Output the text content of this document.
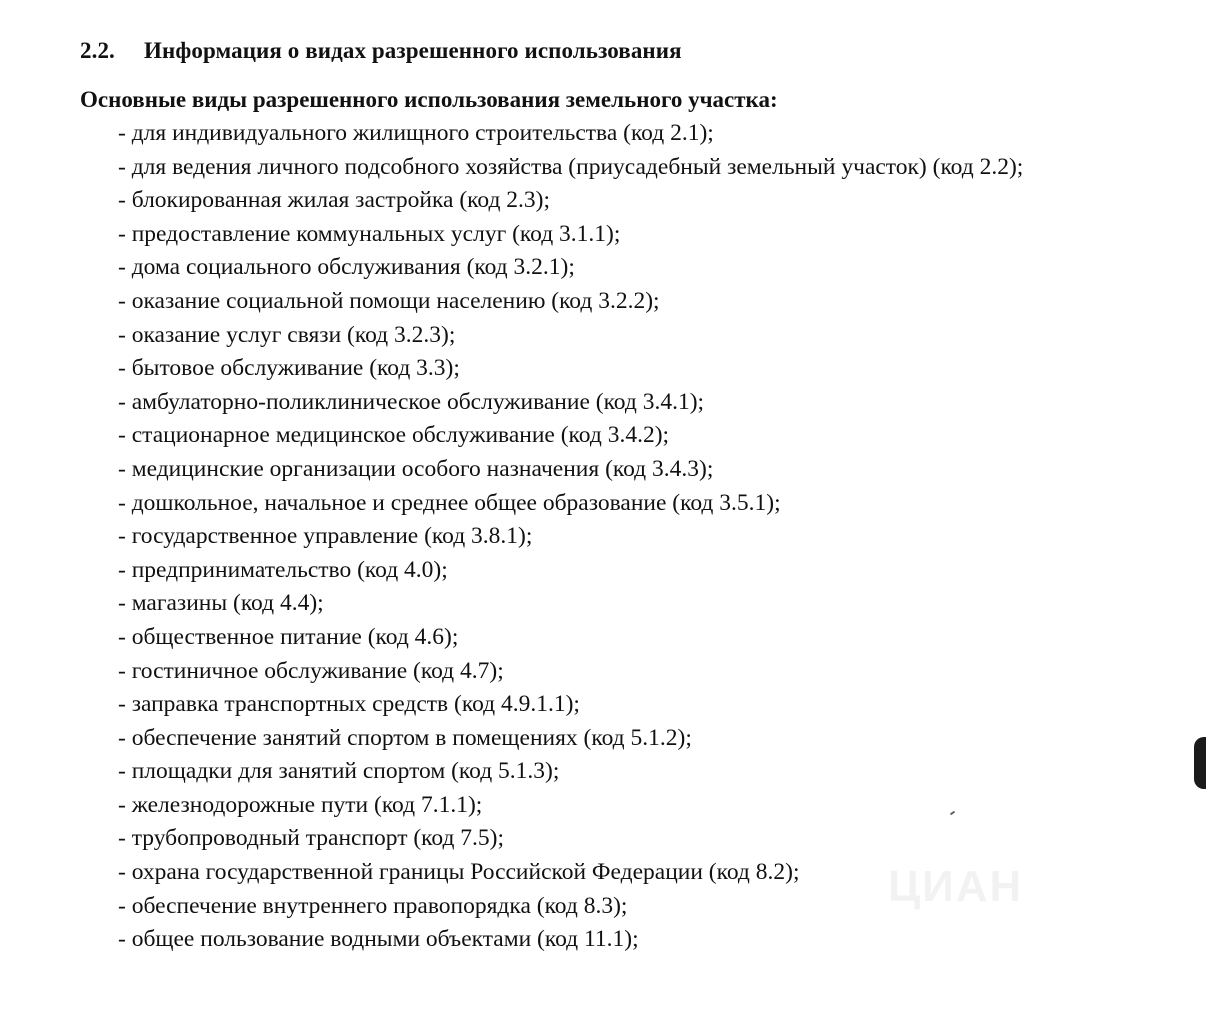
2.2. Информация о видах разрешенного использования
Основные виды разрешенного использования земельного участка:
- для индивидуального жилищного строительства (код 2.1);
- для ведения личного подсобного хозяйства (приусадебный земельный участок) (код 2.2);
- блокированная жилая застройка (код 2.3);
- предоставление коммунальных услуг (код 3.1.1);
- дома социального обслуживания (код 3.2.1);
- оказание социальной помощи населению (код 3.2.2);
- оказание услуг связи (код 3.2.3);
- бытовое обслуживание (код 3.3);
- амбулаторно-поликлиническое обслуживание (код 3.4.1);
- стационарное медицинское обслуживание (код 3.4.2);
- медицинские организации особого назначения (код 3.4.3);
- дошкольное, начальное и среднее общее образование (код 3.5.1);
- государственное управление (код 3.8.1);
- предпринимательство (код 4.0);
- магазины (код 4.4);
- общественное питание (код 4.6);
- гостиничное обслуживание (код 4.7);
- заправка транспортных средств (код 4.9.1.1);
- обеспечение занятий спортом в помещениях (код 5.1.2);
- площадки для занятий спортом (код 5.1.3);
- железнодорожные пути (код 7.1.1);
- трубопроводный транспорт (код 7.5);
- охрана государственной границы Российской Федерации (код 8.2);
- обеспечение внутреннего правопорядка (код 8.3);
- общее пользование водными объектами (код 11.1);
ЦИАН
